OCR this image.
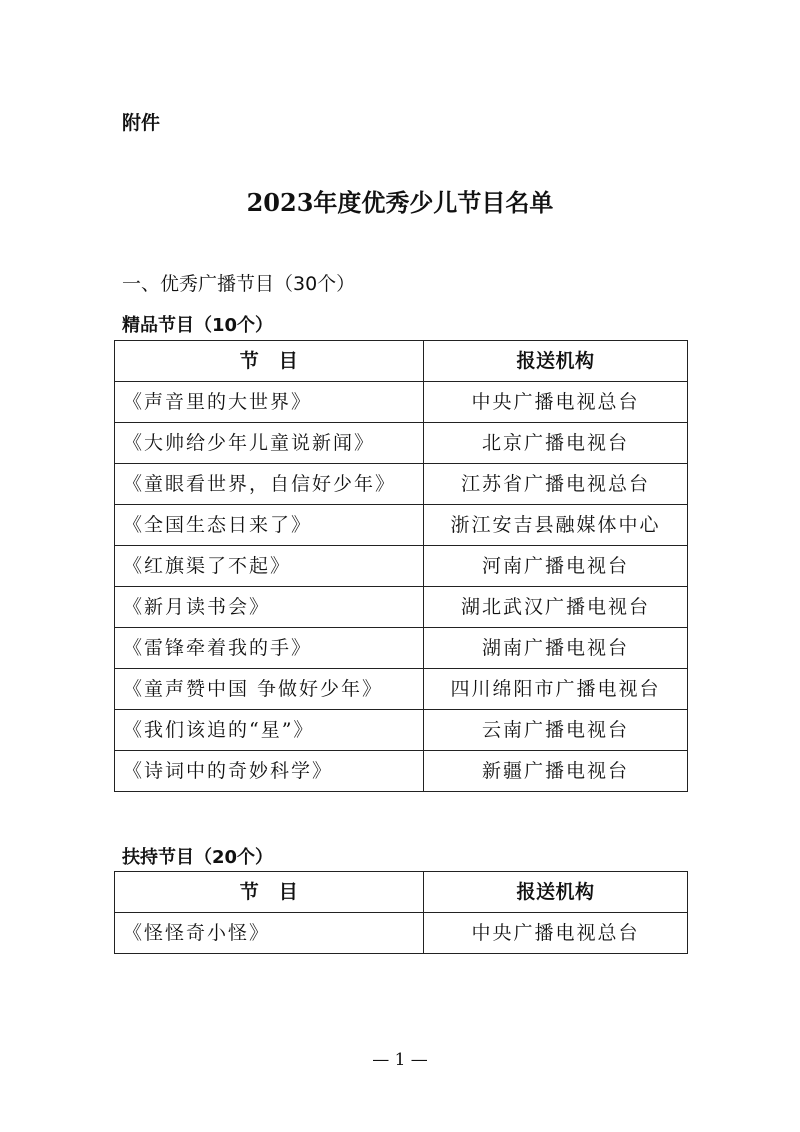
附件
2023年度优秀少儿节目名单
一、优秀广播节目（30个）
精品节目（10个）
节　目	报送机构
《声音里的大世界》	中央广播电视总台
《大帅给少年儿童说新闻》	北京广播电视台
《童眼看世界，自信好少年》	江苏省广播电视总台
《全国生态日来了》	浙江安吉县融媒体中心
《红旗渠了不起》	河南广播电视台
《新月读书会》	湖北武汉广播电视台
《雷锋牵着我的手》	湖南广播电视台
《童声赞中国 争做好少年》	四川绵阳市广播电视台
《我们该追的“星”》	云南广播电视台
《诗词中的奇妙科学》	新疆广播电视台
扶持节目（20个）
节　目	报送机构
《怪怪奇小怪》	中央广播电视总台
— 1 —
